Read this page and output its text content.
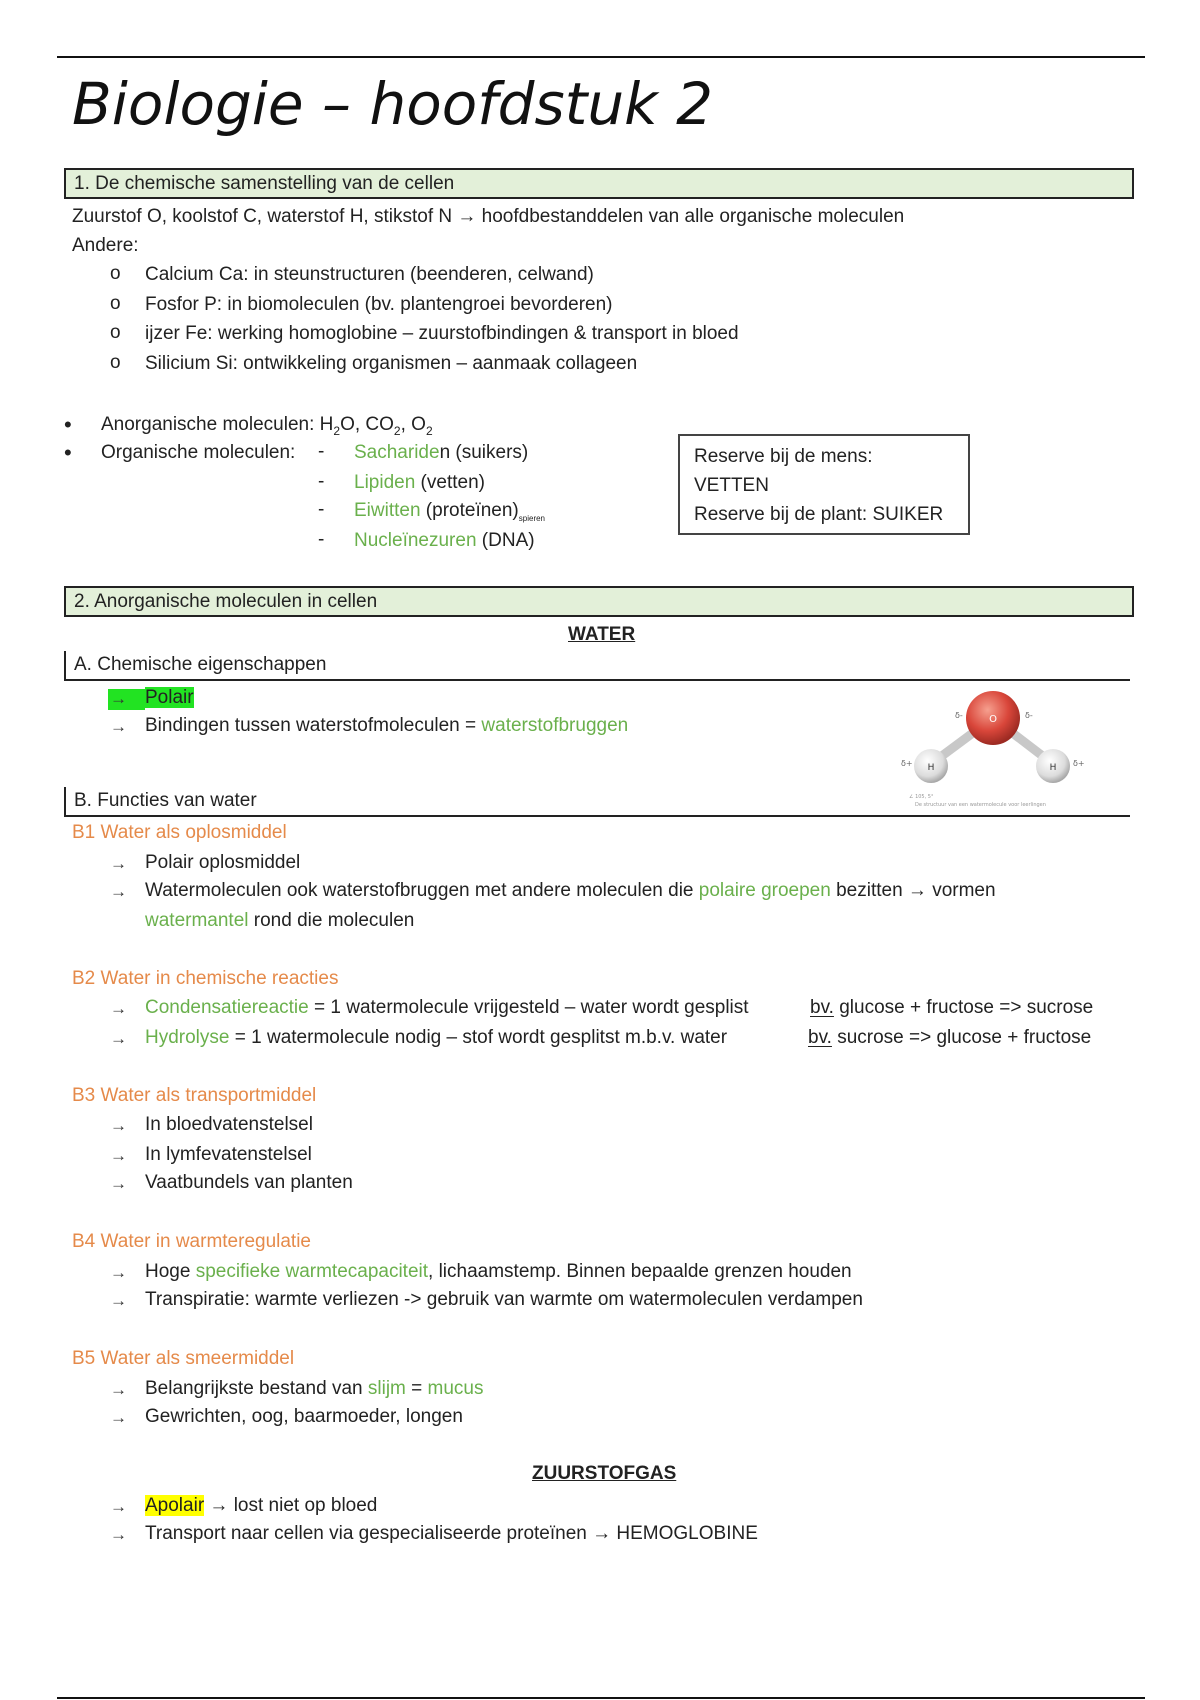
Biologie – hoofdstuk 2
1. De chemische samenstelling van de cellen
Zuurstof O, koolstof C, waterstof H, stikstof N → hoofdbestanddelen van alle organische moleculen
Andere:
o Calcium Ca: in steunstructuren (beenderen, celwand)
o Fosfor P: in biomoleculen (bv. plantengroei bevorderen)
o ijzer Fe: werking homoglobine – zuurstofbindingen & transport in bloed
o Silicium Si: ontwikkeling organismen – aanmaak collageen
• Anorganische moleculen: $H_2O$, $CO_2$, $O_2$
• Organische moleculen: - Sachariden (suikers)
- Lipiden (vetten)
- Eiwitten $(proteïnen)_{spieren}$
- Nucleïnezuren (DNA)
Reserve bij de mens:
VETTEN
Reserve bij de plant: SUIKER
2. Anorganische moleculen in cellen
WATER
A. Chemische eigenschappen
→ Polair
→ Bindingen tussen waterstofmoleculen = waterstofbruggen	O
H	H
δ-	δ-
δ+	δ+
∠ 105, 5°
De structuur van een watermolecule voor leerlingen
B. Functies van water
B1 Water als oplosmiddel
→ Polair oplosmiddel
→ Watermoleculen ook waterstofbruggen met andere moleculen die polaire groepen bezitten → vormen
watermantel rond die moleculen
B2 Water in chemische reacties
→ Condensatiereactie = 1 watermolecule vrijgesteld – water wordt gesplist	bv. glucose + fructose => sucrose
→ Hydrolyse = 1 watermolecule nodig – stof wordt gesplitst m.b.v. water	bv. sucrose => glucose + fructose
B3 Water als transportmiddel
→ In bloedvatenstelsel
→ In lymfevatenstelsel
→ Vaatbundels van planten
B4 Water in warmteregulatie
→ Hoge specifieke warmtecapaciteit, lichaamstemp. Binnen bepaalde grenzen houden
→ Transpiratie: warmte verliezen -> gebruik van warmte om watermoleculen verdampen
B5 Water als smeermiddel
→ Belangrijkste bestand van slijm = mucus
→ Gewrichten, oog, baarmoeder, longen
ZUURSTOFGAS
→ Apolair → lost niet op bloed
→ Transport naar cellen via gespecialiseerde proteïnen → HEMOGLOBINE
